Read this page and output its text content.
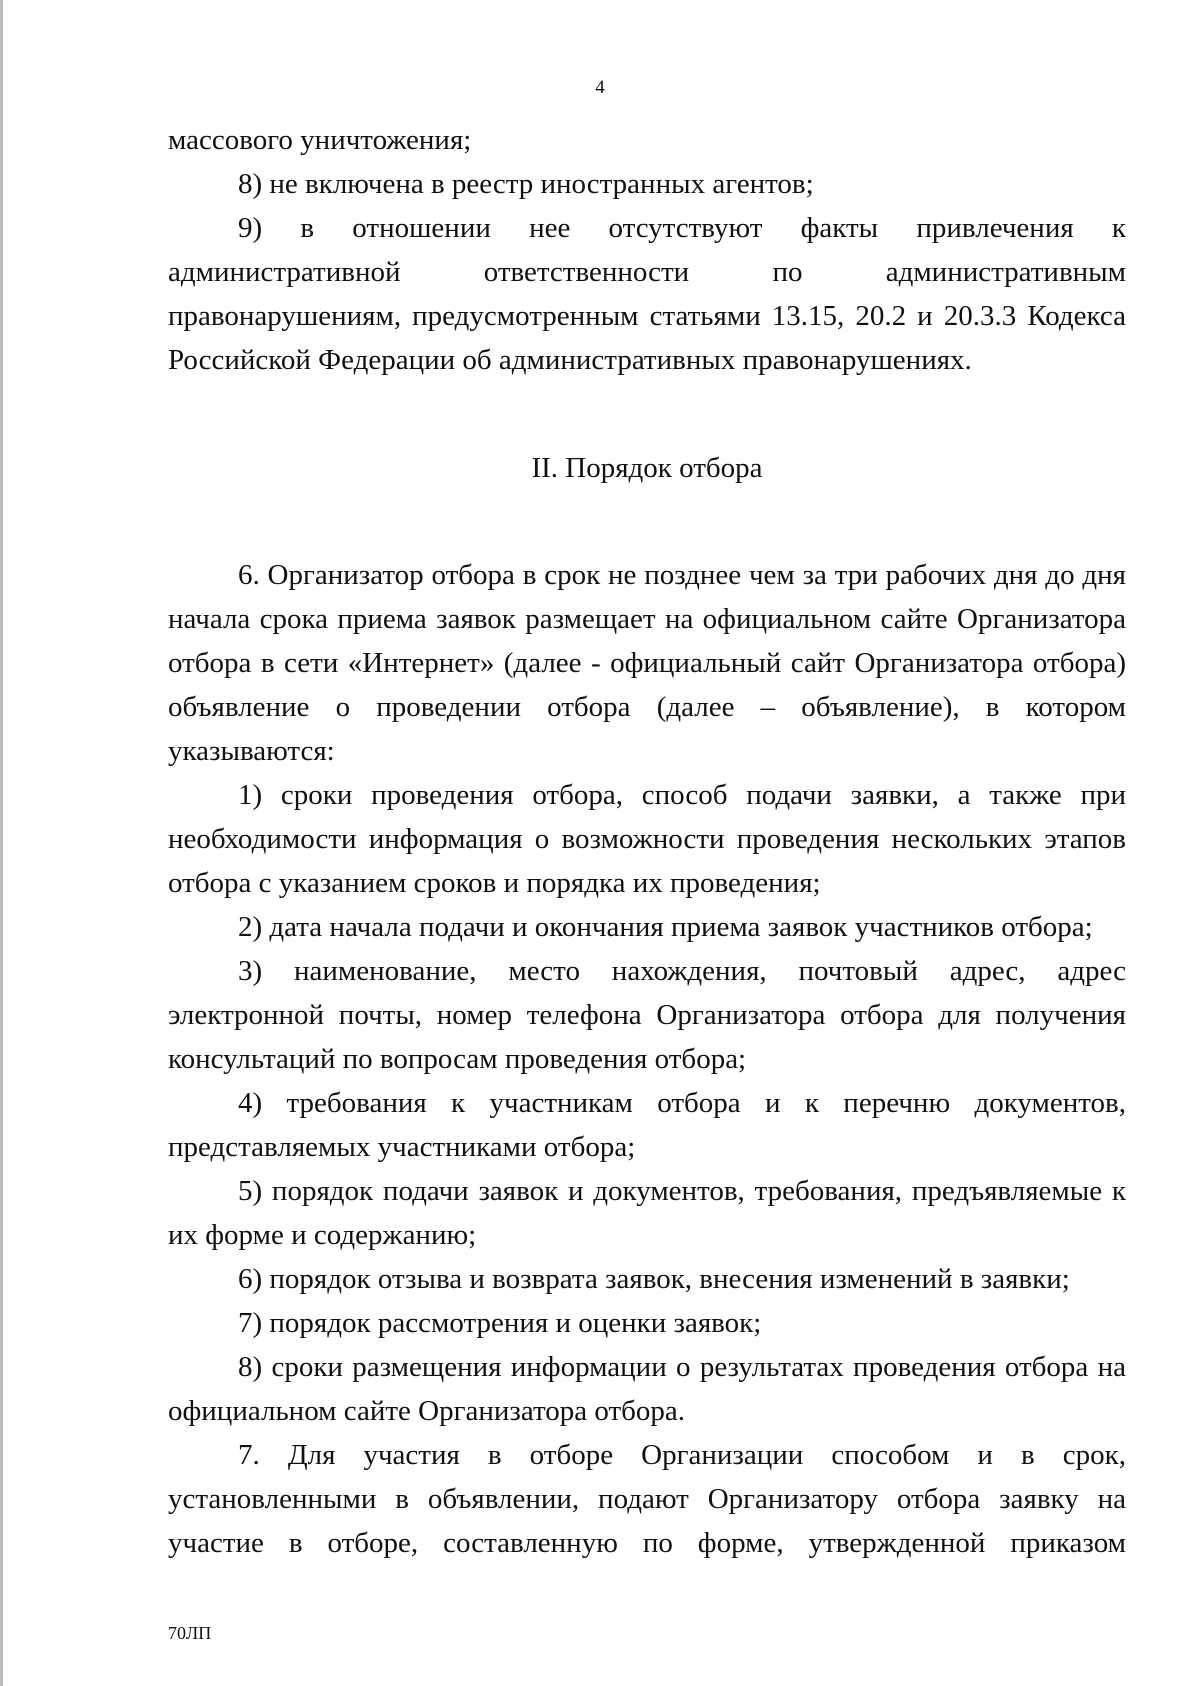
4

массового уничтожения;

8) не включена в реестр иностранных агентов;

9) в отношении нее отсутствуют факты привлечения к административной ответственности по административным правонарушениям, предусмотренным статьями 13.15, 20.2 и 20.3.3 Кодекса Российской Федерации об административных правонарушениях.

II. Порядок отбора

6. Организатор отбора в срок не позднее чем за три рабочих дня до дня начала срока приема заявок размещает на официальном сайте Организатора отбора в сети «Интернет» (далее - официальный сайт Организатора отбора) объявление о проведении отбора (далее – объявление), в котором указываются:

1) сроки проведения отбора, способ подачи заявки, а также при необходимости информация о возможности проведения нескольких этапов отбора с указанием сроков и порядка их проведения;

2) дата начала подачи и окончания приема заявок участников отбора;

3) наименование, место нахождения, почтовый адрес, адрес электронной почты, номер телефона Организатора отбора для получения консультаций по вопросам проведения отбора;

4) требования к участникам отбора и к перечню документов, представляемых участниками отбора;

5) порядок подачи заявок и документов, требования, предъявляемые к их форме и содержанию;

6) порядок отзыва и возврата заявок, внесения изменений в заявки;

7) порядок рассмотрения и оценки заявок;

8) сроки размещения информации о результатах проведения отбора на официальном сайте Организатора отбора.

7. Для участия в отборе Организации способом и в срок, установленными в объявлении, подают Организатору отбора заявку на участие в отборе, составленную по форме, утвержденной приказом

70ЛП
